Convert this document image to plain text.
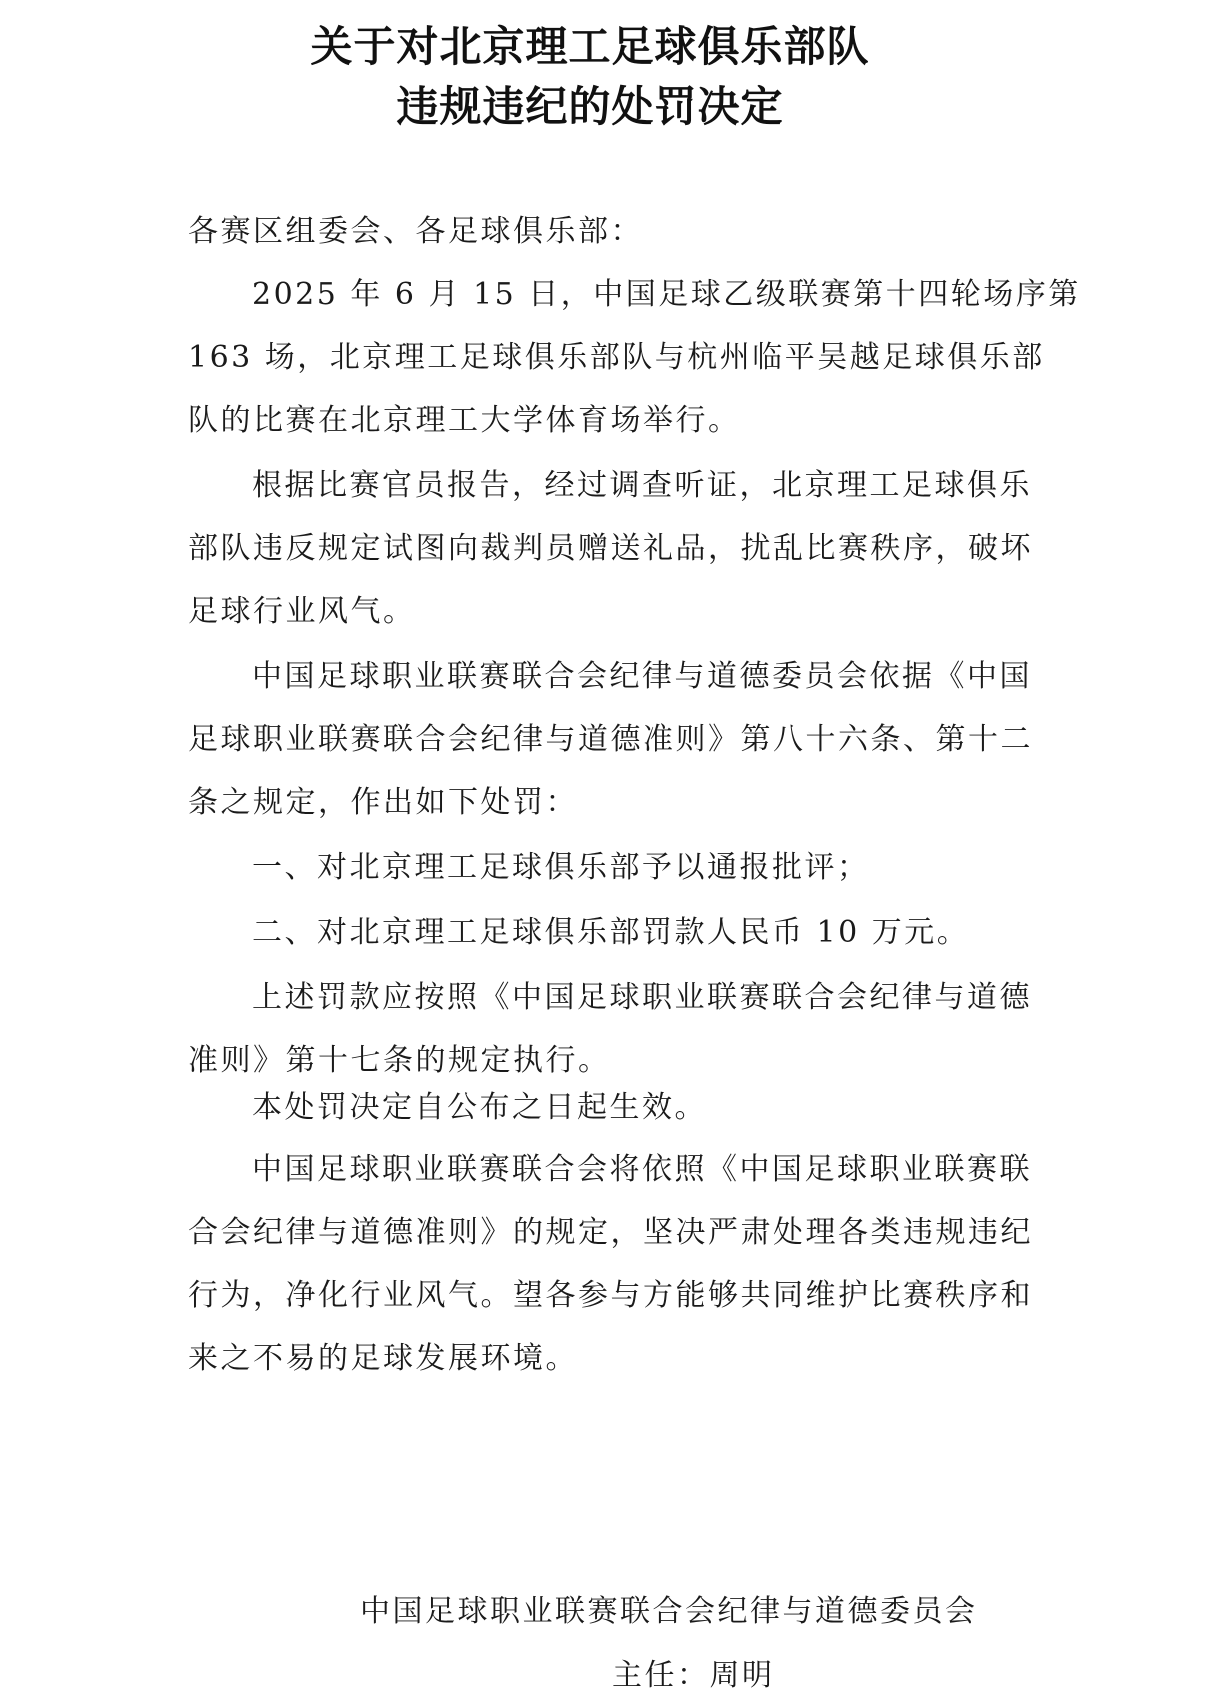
关于对北京理工足球俱乐部队
违规违纪的处罚决定
各赛区组委会、各足球俱乐部：
2025 年 6 月 15 日，中国足球乙级联赛第十四轮场序第
163 场，北京理工足球俱乐部队与杭州临平吴越足球俱乐部
队的比赛在北京理工大学体育场举行。
根据比赛官员报告，经过调查听证，北京理工足球俱乐
部队违反规定试图向裁判员赠送礼品，扰乱比赛秩序，破坏
足球行业风气。
中国足球职业联赛联合会纪律与道德委员会依据《中国
足球职业联赛联合会纪律与道德准则》第八十六条、第十二
条之规定，作出如下处罚：
一、对北京理工足球俱乐部予以通报批评；
二、对北京理工足球俱乐部罚款人民币 10 万元。
上述罚款应按照《中国足球职业联赛联合会纪律与道德
准则》第十七条的规定执行。
本处罚决定自公布之日起生效。
中国足球职业联赛联合会将依照《中国足球职业联赛联
合会纪律与道德准则》的规定，坚决严肃处理各类违规违纪
行为，净化行业风气。望各参与方能够共同维护比赛秩序和
来之不易的足球发展环境。
中国足球职业联赛联合会纪律与道德委员会
主任：周明
